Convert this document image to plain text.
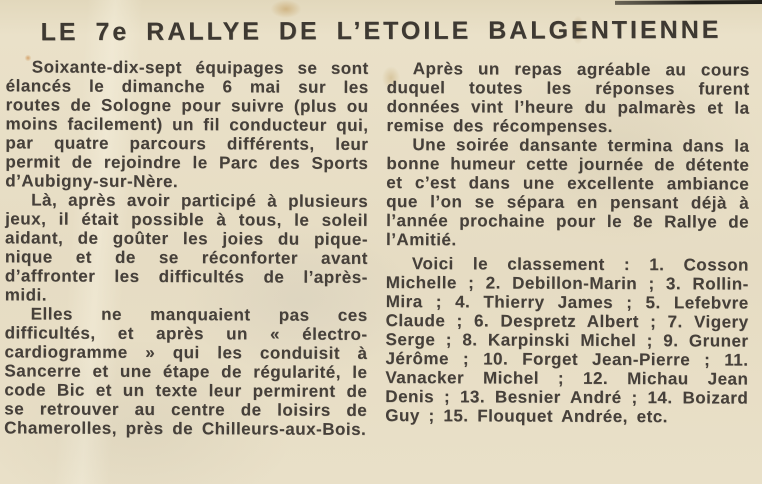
LE 7e RALLYE DE L’ETOILE BALGENTIENNE

Soixante-dix-sept équipages se sont élancés le dimanche 6 mai sur les routes de Sologne pour suivre (plus ou moins facilement) un fil conducteur qui, par quatre parcours différents, leur permit de rejoindre le Parc des Sports d’Aubigny-sur-Nère.

Là, après avoir participé à plusieurs jeux, il était possible à tous, le soleil aidant, de goûter les joies du pique-nique et de se réconforter avant d’affronter les difficultés de l’après-midi.

Elles ne manquaient pas ces difficultés, et après un « électro-cardiogramme » qui les conduisit à Sancerre et une étape de régularité, le code Bic et un texte leur permirent de se retrouver au centre de loisirs de Chamerolles, près de Chilleurs-aux-Bois.

Après un repas agréable au cours duquel toutes les réponses furent données vint l’heure du palmarès et la remise des récompenses.

Une soirée dansante termina dans la bonne humeur cette journée de détente et c’est dans une excellente ambiance que l’on se sépara en pensant déjà à l’année prochaine pour le 8e Rallye de l’Amitié.

Voici le classement : 1. Cosson Michelle ; 2. Debillon-Marin ; 3. Rollin-Mira ; 4. Thierry James ; 5. Lefebvre Claude ; 6. Despretz Albert ; 7. Vigery Serge ; 8. Karpinski Michel ; 9. Gruner Jérôme ; 10. Forget Jean-Pierre ; 11. Vanacker Michel ; 12. Michau Jean Denis ; 13. Besnier André ; 14. Boizard Guy ; 15. Flouquet Andrée, etc.
